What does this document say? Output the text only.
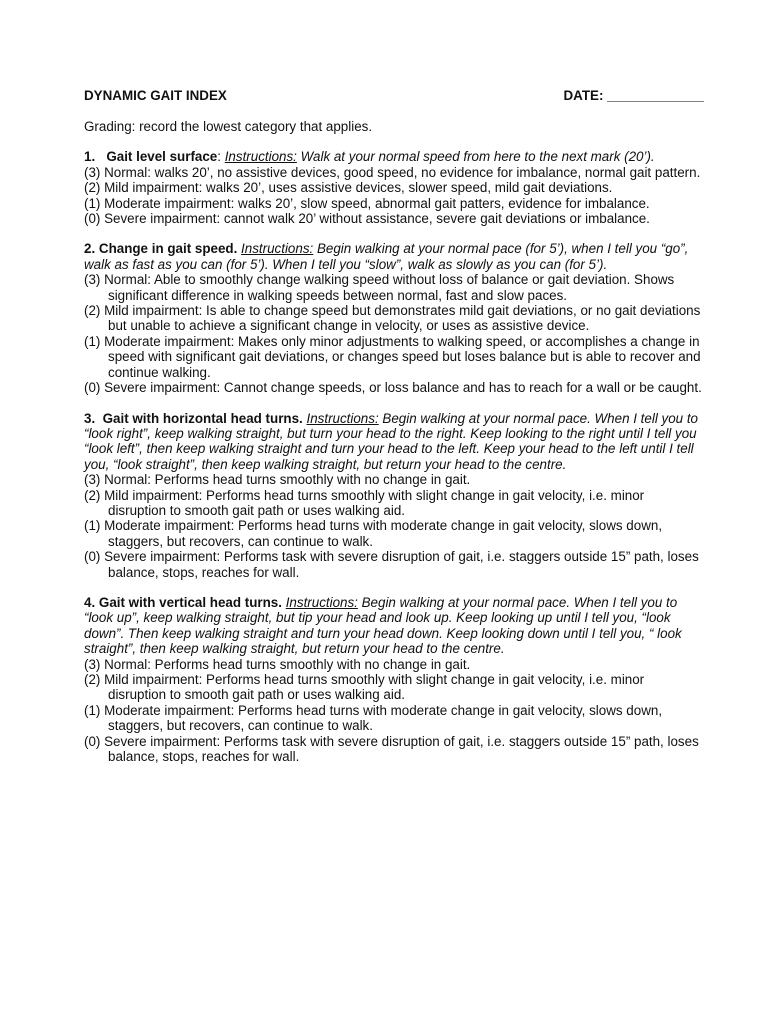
DYNAMIC GAIT INDEX	DATE: _____________
Grading: record the lowest category that applies.
1. Gait level surface: Instructions: Walk at your normal speed from here to the next mark (20’).
(3) Normal: walks 20’, no assistive devices, good speed, no evidence for imbalance, normal gait pattern.
(2) Mild impairment: walks 20’, uses assistive devices, slower speed, mild gait deviations.
(1) Moderate impairment: walks 20’, slow speed, abnormal gait patters, evidence for imbalance.
(0) Severe impairment: cannot walk 20’ without assistance, severe gait deviations or imbalance.
2. Change in gait speed. Instructions: Begin walking at your normal pace (for 5’), when I tell you “go”, walk as fast as you can (for 5’). When I tell you “slow”, walk as slowly as you can (for 5’).
(3) Normal: Able to smoothly change walking speed without loss of balance or gait deviation. Shows significant difference in walking speeds between normal, fast and slow paces.
(2) Mild impairment: Is able to change speed but demonstrates mild gait deviations, or no gait deviations but unable to achieve a significant change in velocity, or uses as assistive device.
(1) Moderate impairment: Makes only minor adjustments to walking speed, or accomplishes a change in speed with significant gait deviations, or changes speed but loses balance but is able to recover and continue walking.
(0) Severe impairment: Cannot change speeds, or loss balance and has to reach for a wall or be caught.
3. Gait with horizontal head turns. Instructions: Begin walking at your normal pace. When I tell you to “look right”, keep walking straight, but turn your head to the right. Keep looking to the right until I tell you “look left”, then keep walking straight and turn your head to the left. Keep your head to the left until I tell you, “look straight”, then keep walking straight, but return your head to the centre.
(3) Normal: Performs head turns smoothly with no change in gait.
(2) Mild impairment: Performs head turns smoothly with slight change in gait velocity, i.e. minor disruption to smooth gait path or uses walking aid.
(1) Moderate impairment: Performs head turns with moderate change in gait velocity, slows down, staggers, but recovers, can continue to walk.
(0) Severe impairment: Performs task with severe disruption of gait, i.e. staggers outside 15” path, loses balance, stops, reaches for wall.
4. Gait with vertical head turns. Instructions: Begin walking at your normal pace. When I tell you to “look up”, keep walking straight, but tip your head and look up. Keep looking up until I tell you, “look down”. Then keep walking straight and turn your head down. Keep looking down until I tell you, “ look straight”, then keep walking straight, but return your head to the centre.
(3) Normal: Performs head turns smoothly with no change in gait.
(2) Mild impairment: Performs head turns smoothly with slight change in gait velocity, i.e. minor disruption to smooth gait path or uses walking aid.
(1) Moderate impairment: Performs head turns with moderate change in gait velocity, slows down, staggers, but recovers, can continue to walk.
(0) Severe impairment: Performs task with severe disruption of gait, i.e. staggers outside 15” path, loses balance, stops, reaches for wall.
